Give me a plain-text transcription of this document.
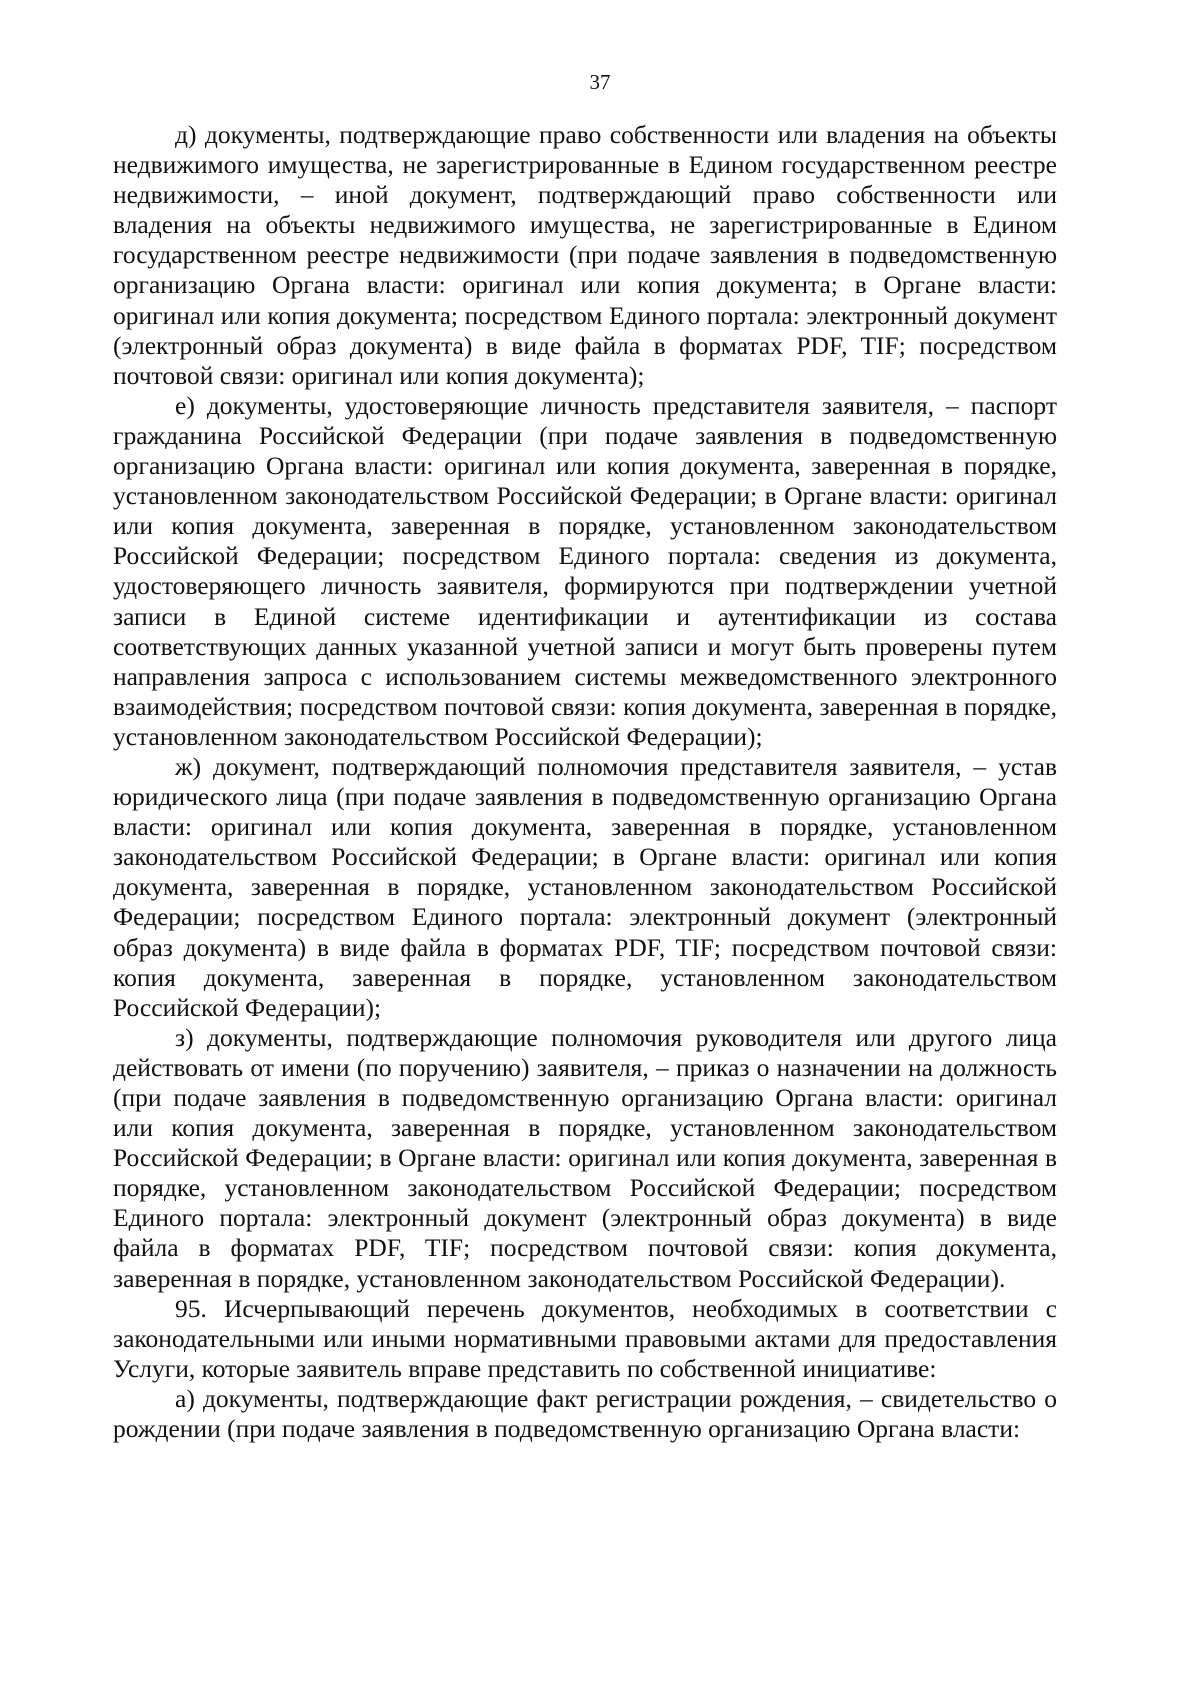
37

д) документы, подтверждающие право собственности или владения на объекты недвижимого имущества, не зарегистрированные в Едином государственном реестре недвижимости, – иной документ, подтверждающий право собственности или владения на объекты недвижимого имущества, не зарегистрированные в Едином государственном реестре недвижимости (при подаче заявления в подведомственную организацию Органа власти: оригинал или копия документа; в Органе власти: оригинал или копия документа; посредством Единого портала: электронный документ (электронный образ документа) в виде файла в форматах PDF, TIF; посредством почтовой связи: оригинал или копия документа);

е) документы, удостоверяющие личность представителя заявителя, – паспорт гражданина Российской Федерации (при подаче заявления в подведомственную организацию Органа власти: оригинал или копия документа, заверенная в порядке, установленном законодательством Российской Федерации; в Органе власти: оригинал или копия документа, заверенная в порядке, установленном законодательством Российской Федерации; посредством Единого портала: сведения из документа, удостоверяющего личность заявителя, формируются при подтверждении учетной записи в Единой системе идентификации и аутентификации из состава соответствующих данных указанной учетной записи и могут быть проверены путем направления запроса с использованием системы межведомственного электронного взаимодействия; посредством почтовой связи: копия документа, заверенная в порядке, установленном законодательством Российской Федерации);

ж) документ, подтверждающий полномочия представителя заявителя, – устав юридического лица (при подаче заявления в подведомственную организацию Органа власти: оригинал или копия документа, заверенная в порядке, установленном законодательством Российской Федерации; в Органе власти: оригинал или копия документа, заверенная в порядке, установленном законодательством Российской Федерации; посредством Единого портала: электронный документ (электронный образ документа) в виде файла в форматах PDF, TIF; посредством почтовой связи: копия документа, заверенная в порядке, установленном законодательством Российской Федерации);

з) документы, подтверждающие полномочия руководителя или другого лица действовать от имени (по поручению) заявителя, – приказ о назначении на должность (при подаче заявления в подведомственную организацию Органа власти: оригинал или копия документа, заверенная в порядке, установленном законодательством Российской Федерации; в Органе власти: оригинал или копия документа, заверенная в порядке, установленном законодательством Российской Федерации; посредством Единого портала: электронный документ (электронный образ документа) в виде файла в форматах PDF, TIF; посредством почтовой связи: копия документа, заверенная в порядке, установленном законодательством Российской Федерации).

95. Исчерпывающий перечень документов, необходимых в соответствии с законодательными или иными нормативными правовыми актами для предоставления Услуги, которые заявитель вправе представить по собственной инициативе:

а) документы, подтверждающие факт регистрации рождения, – свидетельство о рождении (при подаче заявления в подведомственную организацию Органа власти:
